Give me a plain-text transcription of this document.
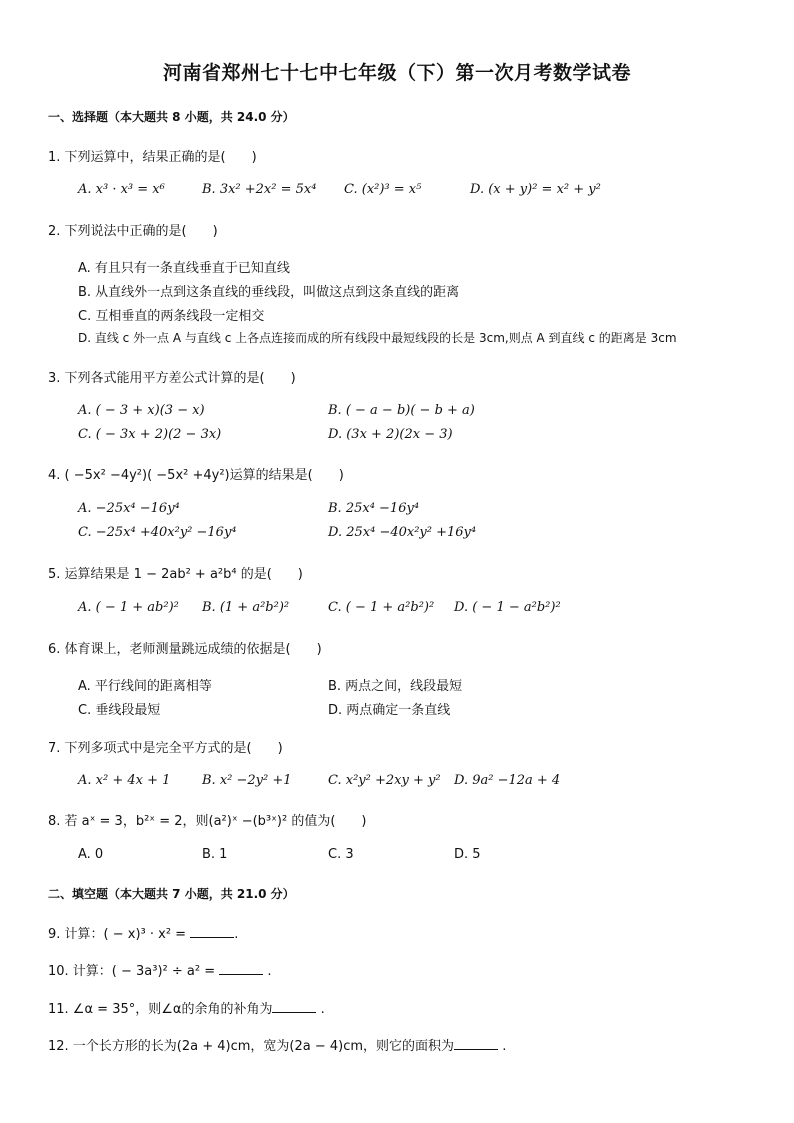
河南省郑州七十七中七年级（下）第一次月考数学试卷
一、选择题（本大题共 8 小题，共 24.0 分）
1. 下列运算中，结果正确的是(　　)
A. x³ · x³ = x⁶	B. 3x² +2x² = 5x⁴ C. (x²)³ = x⁵	D. (x + y)² = x² + y²
2. 下列说法中正确的是(　　)
A. 有且只有一条直线垂直于已知直线
B. 从直线外一点到这条直线的垂线段，叫做这点到这条直线的距离
C. 互相垂直的两条线段一定相交
D. 直线 c 外一点 A 与直线 c 上各点连接而成的所有线段中最短线段的长是 3cm,则点 A 到直线 c 的距离是 3cm
3. 下列各式能用平方差公式计算的是(　　)
A. ( − 3 + x)(3 − x)	B. ( − a − b)( − b + a)
C. ( − 3x + 2)(2 − 3x)	D. (3x + 2)(2x − 3)
4. ( −5x² −4y²)( −5x² +4y²)运算的结果是(　　)
A. −25x⁴ −16y⁴	B. 25x⁴ −16y⁴
C. −25x⁴ +40x²y² −16y⁴	D. 25x⁴ −40x²y² +16y⁴
5. 运算结果是 1 − 2ab² + a²b⁴ 的是(　　)
A. ( − 1 + ab²)² B. (1 + a²b²)²	C. ( − 1 + a²b²)² D. ( − 1 − a²b²)²
6. 体育课上，老师测量跳远成绩的依据是(　　)
A. 平行线间的距离相等	B. 两点之间，线段最短
C. 垂线段最短	D. 两点确定一条直线
7. 下列多项式中是完全平方式的是(　　)
A. x² + 4x + 1 B. x² −2y² +1	C. x²y² +2xy + y² D. 9a² −12a + 4
8. 若 aˣ = 3，b²ˣ = 2，则(a²)ˣ −(b³ˣ)² 的值为(　　)
A. 0	B. 1	C. 3	D. 5
二、填空题（本大题共 7 小题，共 21.0 分）
9. 计算：( − x)³ · x² =	.
10. 计算：( − 3a³)² ÷ a² =	.
11. ∠α = 35°，则∠α的余角的补角为	.
12. 一个长方形的长为(2a + 4)cm，宽为(2a − 4)cm，则它的面积为	.
